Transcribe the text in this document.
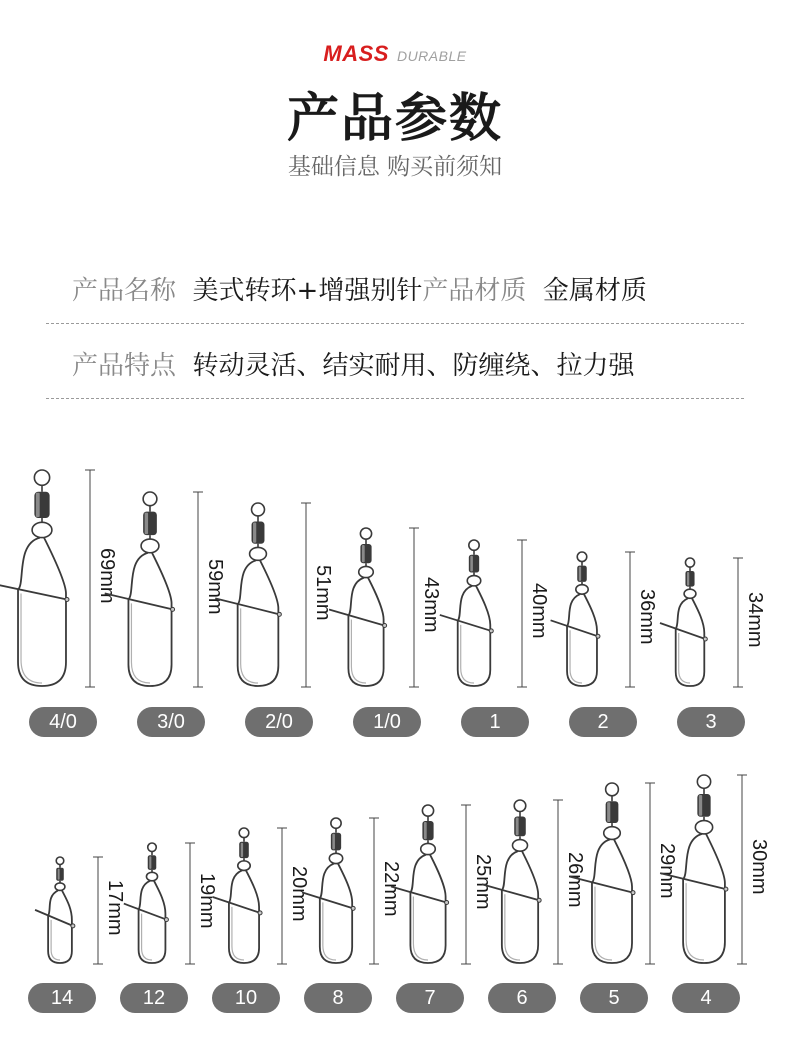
MASS DURABLE
产品参数
基础信息 购买前须知
产品名称 美式转环+增强别针产品材质 金属材质
产品特点 转动灵活、结实耐用、防缠绕、拉力强
69mm
4/0
59mm
3/0
51mm
2/0
43mm
1/0
40mm
1
36mm
2
34mm
3
17mm
14
19mm
12
20mm
10
22mm
8
25mm
7
26mm
6
29mm
5
30mm
4
